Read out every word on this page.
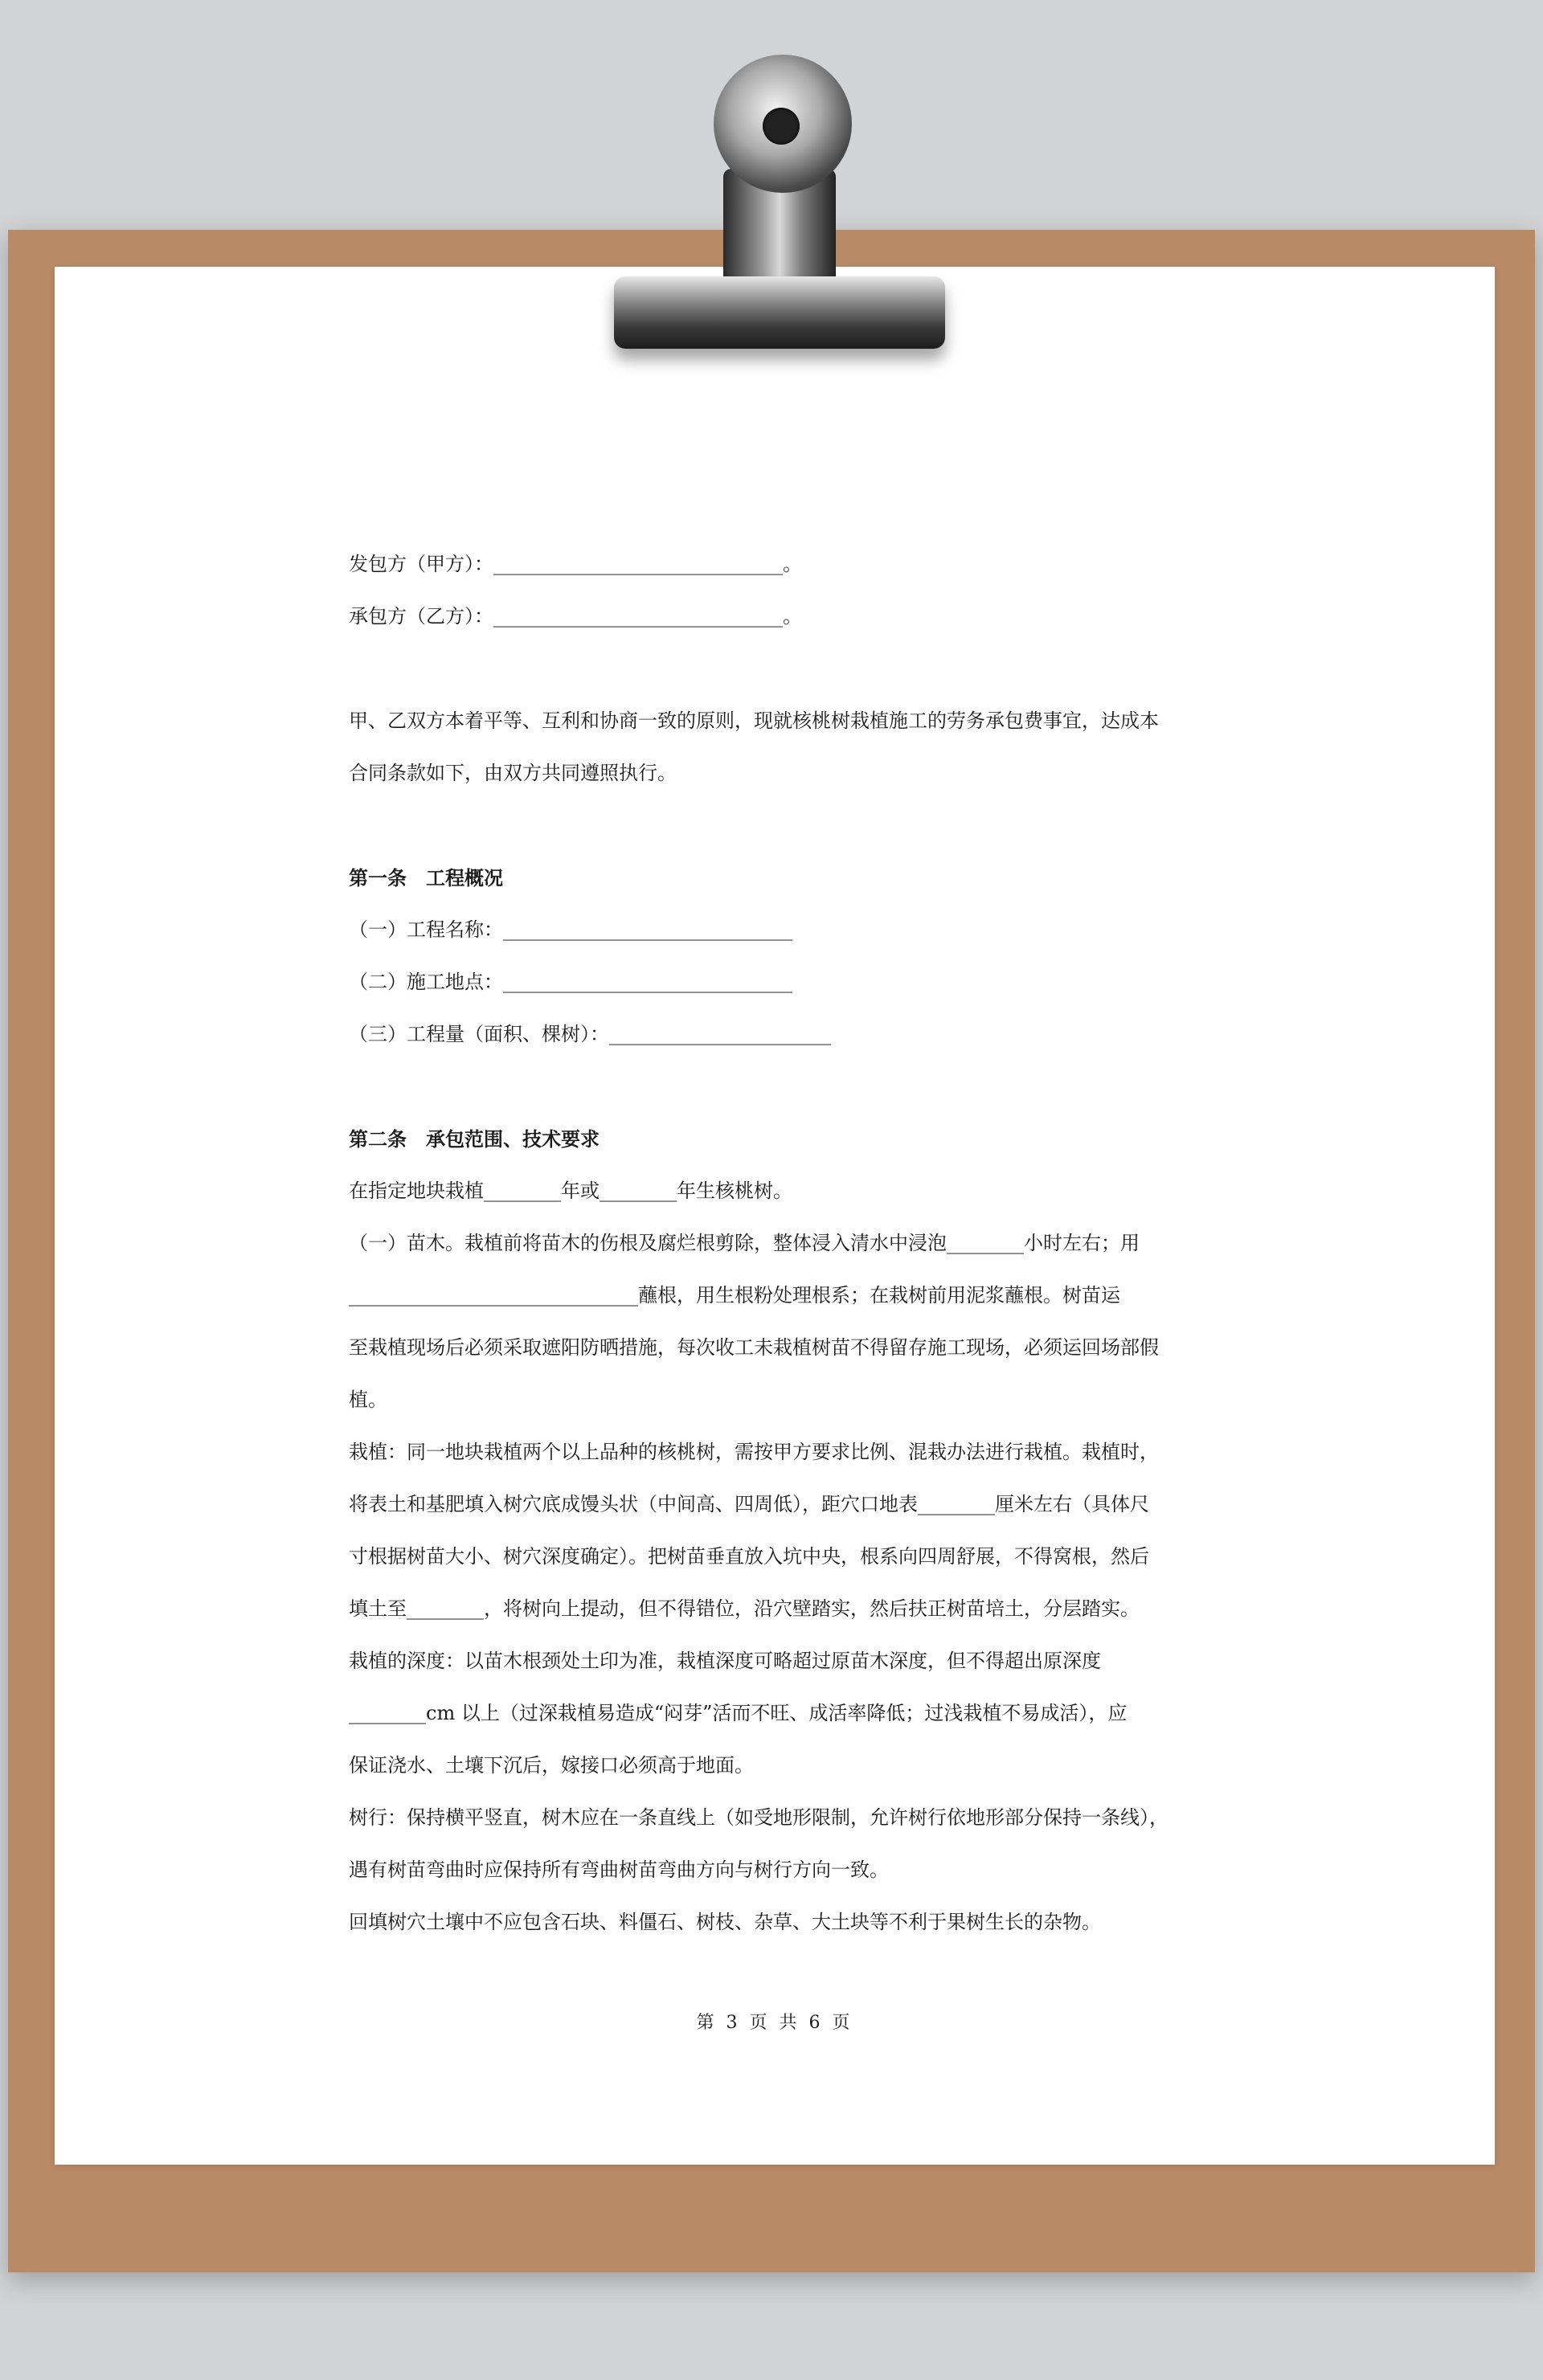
发包方（甲方）：______________________________。
承包方（乙方）：______________________________。
甲、乙双方本着平等、互利和协商一致的原则，现就核桃树栽植施工的劳务承包费事宜，达成本
合同条款如下，由双方共同遵照执行。
第一条　工程概况
（一）工程名称：______________________________
（二）施工地点：______________________________
（三）工程量（面积、棵树）：_______________________
第二条　承包范围、技术要求
在指定地块栽植________年或________年生核桃树。
（一）苗木。栽植前将苗木的伤根及腐烂根剪除，整体浸入清水中浸泡________小时左右；用
______________________________蘸根，用生根粉处理根系；在栽树前用泥浆蘸根。树苗运
至栽植现场后必须采取遮阳防晒措施，每次收工未栽植树苗不得留存施工现场，必须运回场部假
植。
栽植：同一地块栽植两个以上品种的核桃树，需按甲方要求比例、混栽办法进行栽植。栽植时，
将表土和基肥填入树穴底成馒头状（中间高、四周低），距穴口地表________厘米左右（具体尺
寸根据树苗大小、树穴深度确定）。把树苗垂直放入坑中央，根系向四周舒展，不得窝根，然后
填土至________，将树向上提动，但不得错位，沿穴壁踏实，然后扶正树苗培土，分层踏实。
栽植的深度：以苗木根颈处土印为准，栽植深度可略超过原苗木深度，但不得超出原深度
________cm 以上（过深栽植易造成“闷芽”活而不旺、成活率降低；过浅栽植不易成活），应
保证浇水、土壤下沉后，嫁接口必须高于地面。
树行：保持横平竖直，树木应在一条直线上（如受地形限制，允许树行依地形部分保持一条线），
遇有树苗弯曲时应保持所有弯曲树苗弯曲方向与树行方向一致。
回填树穴土壤中不应包含石块、料僵石、树枝、杂草、大土块等不利于果树生长的杂物。
第 3 页 共 6 页
